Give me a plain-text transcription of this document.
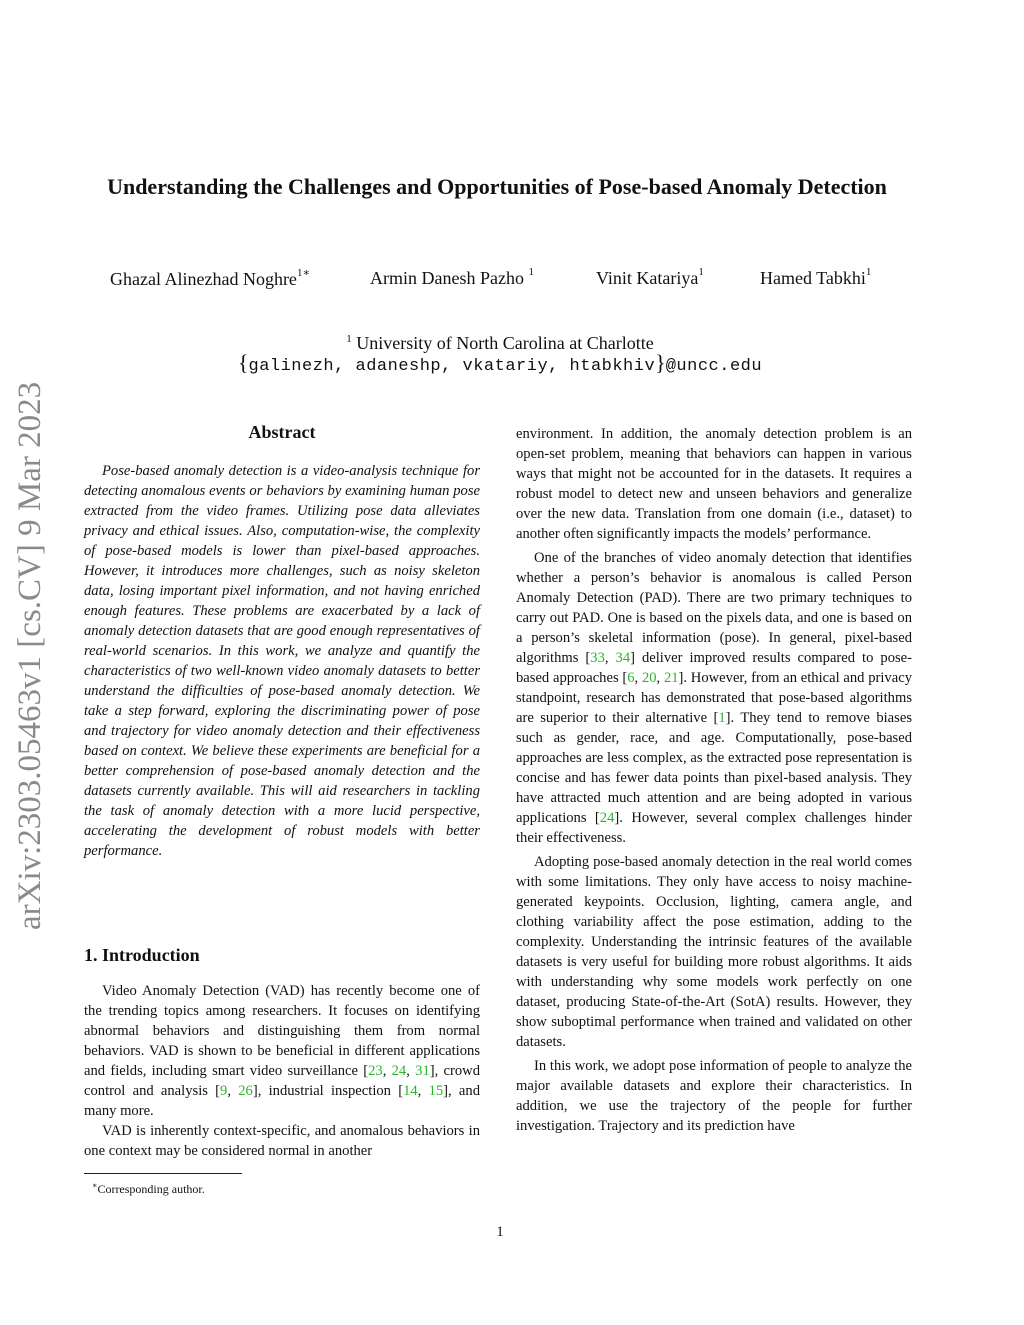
arXiv:2303.05463v1 [cs.CV] 9 Mar 2023
Understanding the Challenges and Opportunities of Pose-based Anomaly Detection
Ghazal Alinezhad Noghre$^{1∗}$	Armin Danesh Pazho $^1$	Vinit Katariya$^1$	Hamed Tabkhi$^1$
$^1$ University of North Carolina at Charlotte
{galinezh, adaneshp, vkatariy, htabkhiv}@uncc.edu
Abstract

Pose-based anomaly detection is a video-analysis technique for detecting anomalous events or behaviors by examining human pose extracted from the video frames. Utilizing pose data alleviates privacy and ethical issues. Also, computation-wise, the complexity of pose-based models is lower than pixel-based approaches. However, it introduces more challenges, such as noisy skeleton data, losing important pixel information, and not having enriched enough features. These problems are exacerbated by a lack of anomaly detection datasets that are good enough representatives of real-world scenarios. In this work, we analyze and quantify the characteristics of two well-known video anomaly datasets to better understand the difficulties of pose-based anomaly detection. We take a step forward, exploring the discriminating power of pose and trajectory for video anomaly detection and their effectiveness based on context. We believe these experiments are beneficial for a better comprehension of pose-based anomaly detection and the datasets currently available. This will aid researchers in tackling the task of anomaly detection with a more lucid perspective, accelerating the development of robust models with better performance.

1. Introduction

Video Anomaly Detection (VAD) has recently become one of the trending topics among researchers. It focuses on identifying abnormal behaviors and distinguishing them from normal behaviors. VAD is shown to be beneficial in different applications and fields, including smart video surveillance [23, 24, 31], crowd control and analysis [9, 26], industrial inspection [14, 15], and many more.

VAD is inherently context-specific, and anomalous behaviors in one context may be considered normal in another

environment. In addition, the anomaly detection problem is an open-set problem, meaning that behaviors can happen in various ways that might not be accounted for in the datasets. It requires a robust model to detect new and unseen behaviors and generalize over the new data. Translation from one domain (i.e., dataset) to another often significantly impacts the models’ performance.

One of the branches of video anomaly detection that identifies whether a person’s behavior is anomalous is called Person Anomaly Detection (PAD). There are two primary techniques to carry out PAD. One is based on the pixels data, and one is based on a person’s skeletal information (pose). In general, pixel-based algorithms [33, 34] deliver improved results compared to pose-based approaches [6, 20, 21]. However, from an ethical and privacy standpoint, research has demonstrated that pose-based algorithms are superior to their alternative [1]. They tend to remove biases such as gender, race, and age. Computationally, pose-based approaches are less complex, as the extracted pose representation is concise and has fewer data points than pixel-based analysis. They have attracted much attention and are being adopted in various applications [24]. However, several complex challenges hinder their effectiveness.

Adopting pose-based anomaly detection in the real world comes with some limitations. They only have access to noisy machine-generated keypoints. Occlusion, lighting, camera angle, and clothing variability affect the pose estimation, adding to the complexity. Understanding the intrinsic features of the available datasets is very useful for building more robust algorithms. It aids with understanding why some models work perfectly on one dataset, producing State-of-the-Art (SotA) results. However, they show suboptimal performance when trained and validated on other datasets.

In this work, we adopt pose information of people to analyze the major available datasets and explore their characteristics. In addition, we use the trajectory of the people for further investigation. Trajectory and its prediction have

∗Corresponding author.
1
